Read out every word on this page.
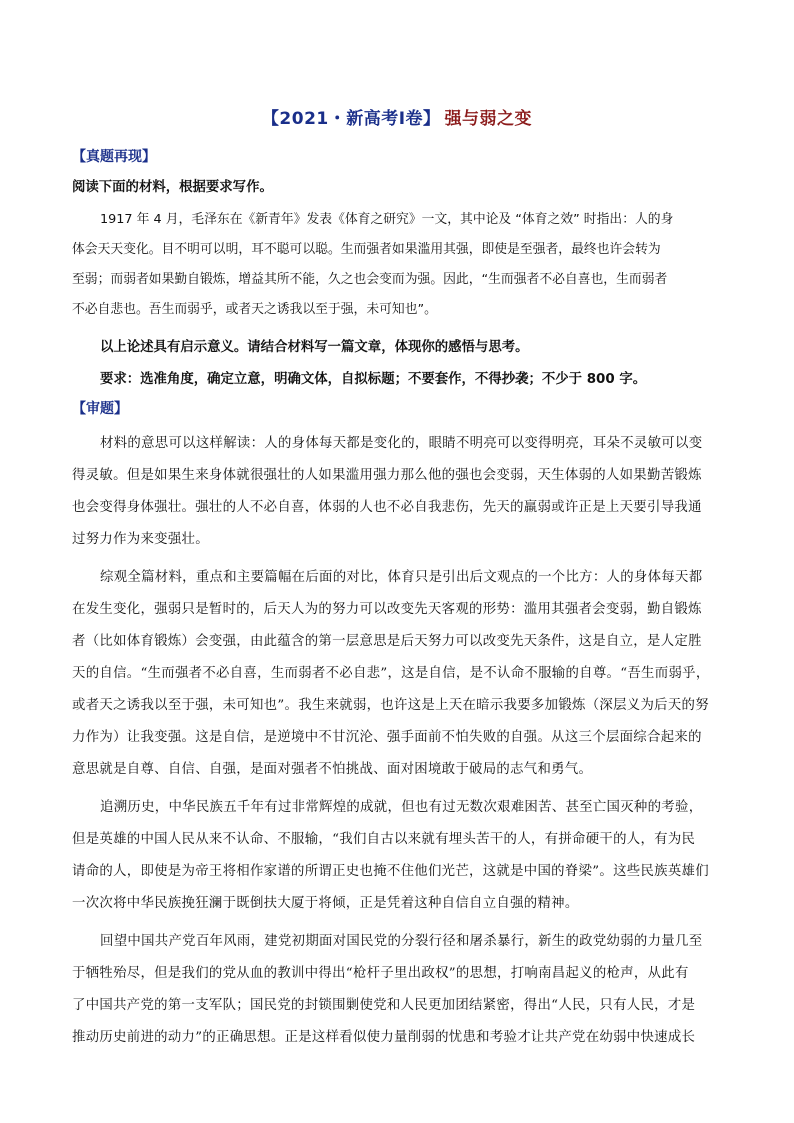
【2021・新高考Ⅰ卷】 强与弱之变
【真题再现】
阅读下面的材料，根据要求写作。
1917 年 4 月，毛泽东在《新青年》发表《体育之研究》一文，其中论及 “体育之效” 时指出：人的身
体会天天变化。目不明可以明，耳不聪可以聪。生而强者如果滥用其强，即使是至强者，最终也许会转为
至弱；而弱者如果勤自锻炼，增益其所不能，久之也会变而为强。因此，“生而强者不必自喜也，生而弱者
不必自悲也。吾生而弱乎，或者天之诱我以至于强，未可知也”。
以上论述具有启示意义。请结合材料写一篇文章，体现你的感悟与思考。
要求：选准角度，确定立意，明确文体，自拟标题；不要套作，不得抄袭；不少于 800 字。
【审题】
材料的意思可以这样解读：人的身体每天都是变化的，眼睛不明亮可以变得明亮，耳朵不灵敏可以变
得灵敏。但是如果生来身体就很强壮的人如果滥用强力那么他的强也会变弱，天生体弱的人如果勤苦锻炼
也会变得身体强壮。强壮的人不必自喜，体弱的人也不必自我悲伤，先天的羸弱或许正是上天要引导我通
过努力作为来变强壮。
综观全篇材料，重点和主要篇幅在后面的对比，体育只是引出后文观点的一个比方：人的身体每天都
在发生变化，强弱只是暂时的，后天人为的努力可以改变先天客观的形势：滥用其强者会变弱，勤自锻炼
者（比如体育锻炼）会变强，由此蕴含的第一层意思是后天努力可以改变先天条件，这是自立，是人定胜
天的自信。“生而强者不必自喜，生而弱者不必自悲”，这是自信，是不认命不服输的自尊。“吾生而弱乎，
或者天之诱我以至于强，未可知也”。我生来就弱，也许这是上天在暗示我要多加锻炼（深层义为后天的努
力作为）让我变强。这是自信，是逆境中不甘沉沦、强手面前不怕失败的自强。从这三个层面综合起来的
意思就是自尊、自信、自强，是面对强者不怕挑战、面对困境敢于破局的志气和勇气。
追溯历史，中华民族五千年有过非常辉煌的成就，但也有过无数次艰难困苦、甚至亡国灭种的考验，
但是英雄的中国人民从来不认命、不服输，“我们自古以来就有埋头苦干的人，有拼命硬干的人，有为民
请命的人，即使是为帝王将相作家谱的所谓正史也掩不住他们光芒，这就是中国的脊梁”。这些民族英雄们
一次次将中华民族挽狂澜于既倒扶大厦于将倾，正是凭着这种自信自立自强的精神。
回望中国共产党百年风雨，建党初期面对国民党的分裂行径和屠杀暴行，新生的政党幼弱的力量几至
于牺牲殆尽，但是我们的党从血的教训中得出“枪杆子里出政权”的思想，打响南昌起义的枪声，从此有
了中国共产党的第一支军队；国民党的封锁围剿使党和人民更加团结紧密，得出“人民，只有人民，才是
推动历史前进的动力”的正确思想。正是这样看似使力量削弱的忧患和考验才让共产党在幼弱中快速成长
